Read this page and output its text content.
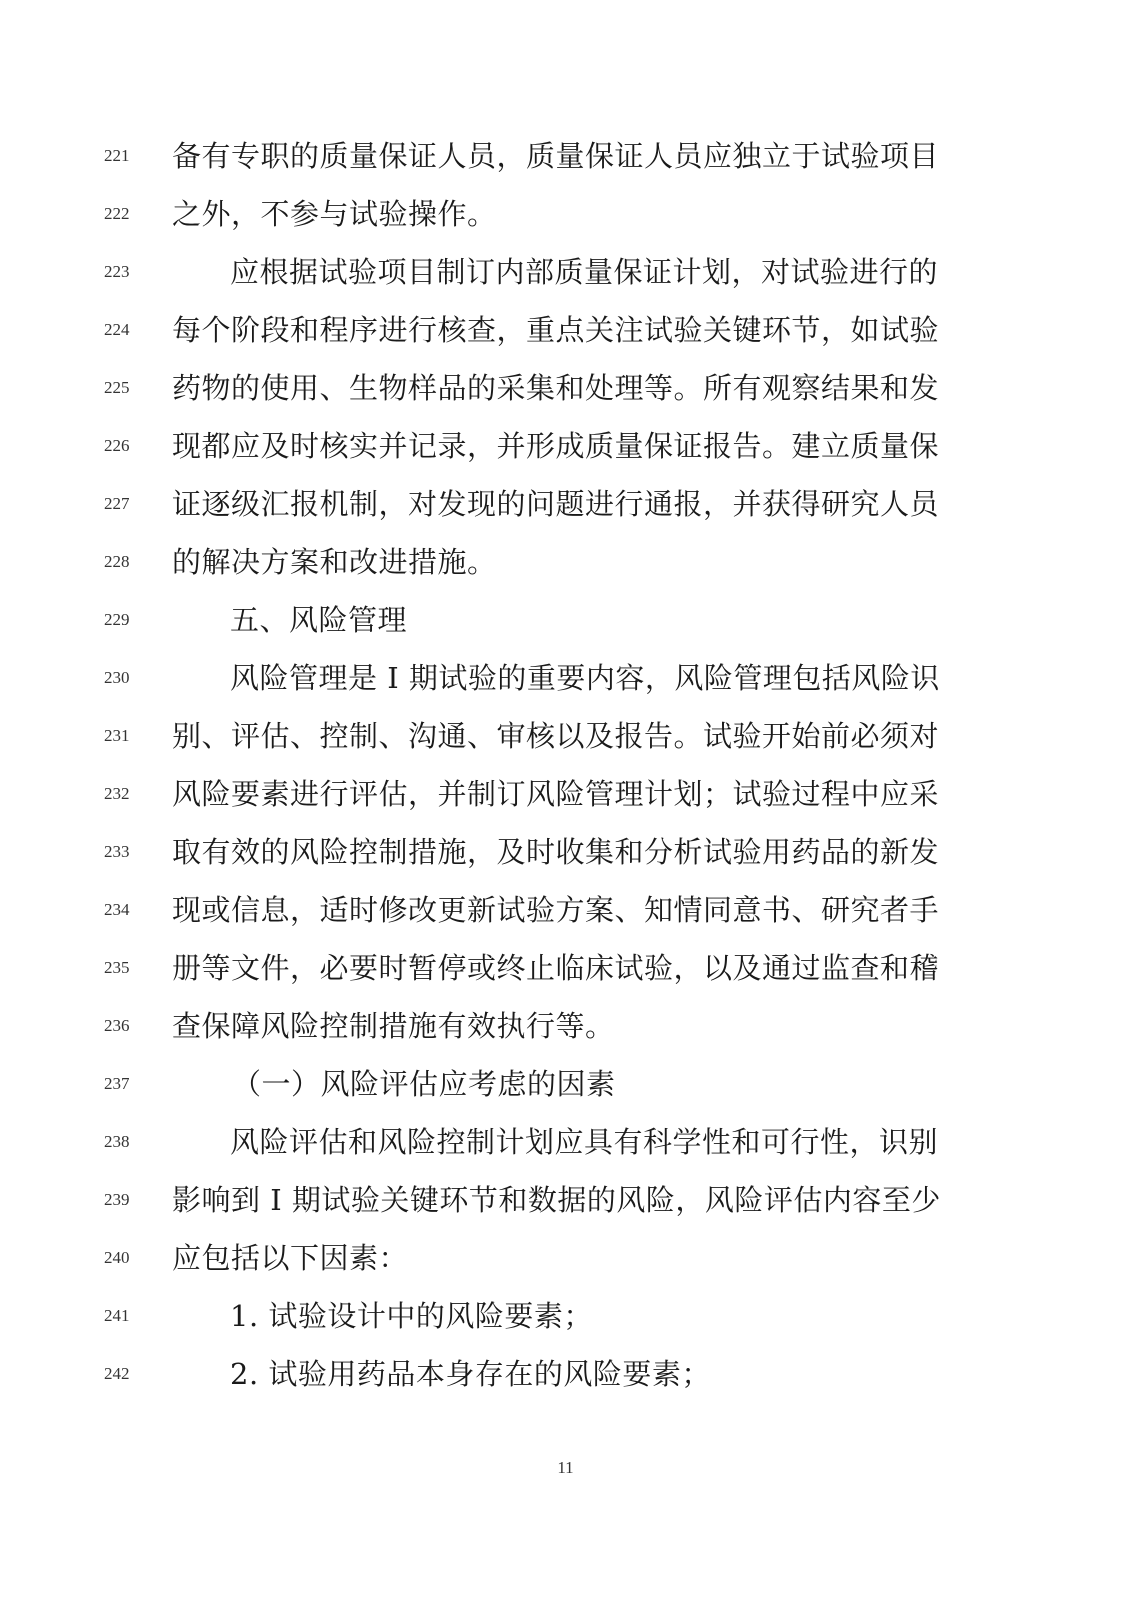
221	备有专职的质量保证人员，质量保证人员应独立于试验项目
222	之外，不参与试验操作。
223	应根据试验项目制订内部质量保证计划，对试验进行的
224	每个阶段和程序进行核查，重点关注试验关键环节，如试验
225	药物的使用、生物样品的采集和处理等。所有观察结果和发
226	现都应及时核实并记录，并形成质量保证报告。建立质量保
227	证逐级汇报机制，对发现的问题进行通报，并获得研究人员
228	的解决方案和改进措施。
229	五、风险管理
230	风险管理是 I 期试验的重要内容，风险管理包括风险识
231	别、评估、控制、沟通、审核以及报告。试验开始前必须对
232	风险要素进行评估，并制订风险管理计划；试验过程中应采
233	取有效的风险控制措施，及时收集和分析试验用药品的新发
234	现或信息，适时修改更新试验方案、知情同意书、研究者手
235	册等文件，必要时暂停或终止临床试验，以及通过监查和稽
236	查保障风险控制措施有效执行等。
237	（一）风险评估应考虑的因素
238	风险评估和风险控制计划应具有科学性和可行性，识别
239	影响到 I 期试验关键环节和数据的风险，风险评估内容至少
240	应包括以下因素：
241	1. 试验设计中的风险要素；
242	2. 试验用药品本身存在的风险要素；
11
